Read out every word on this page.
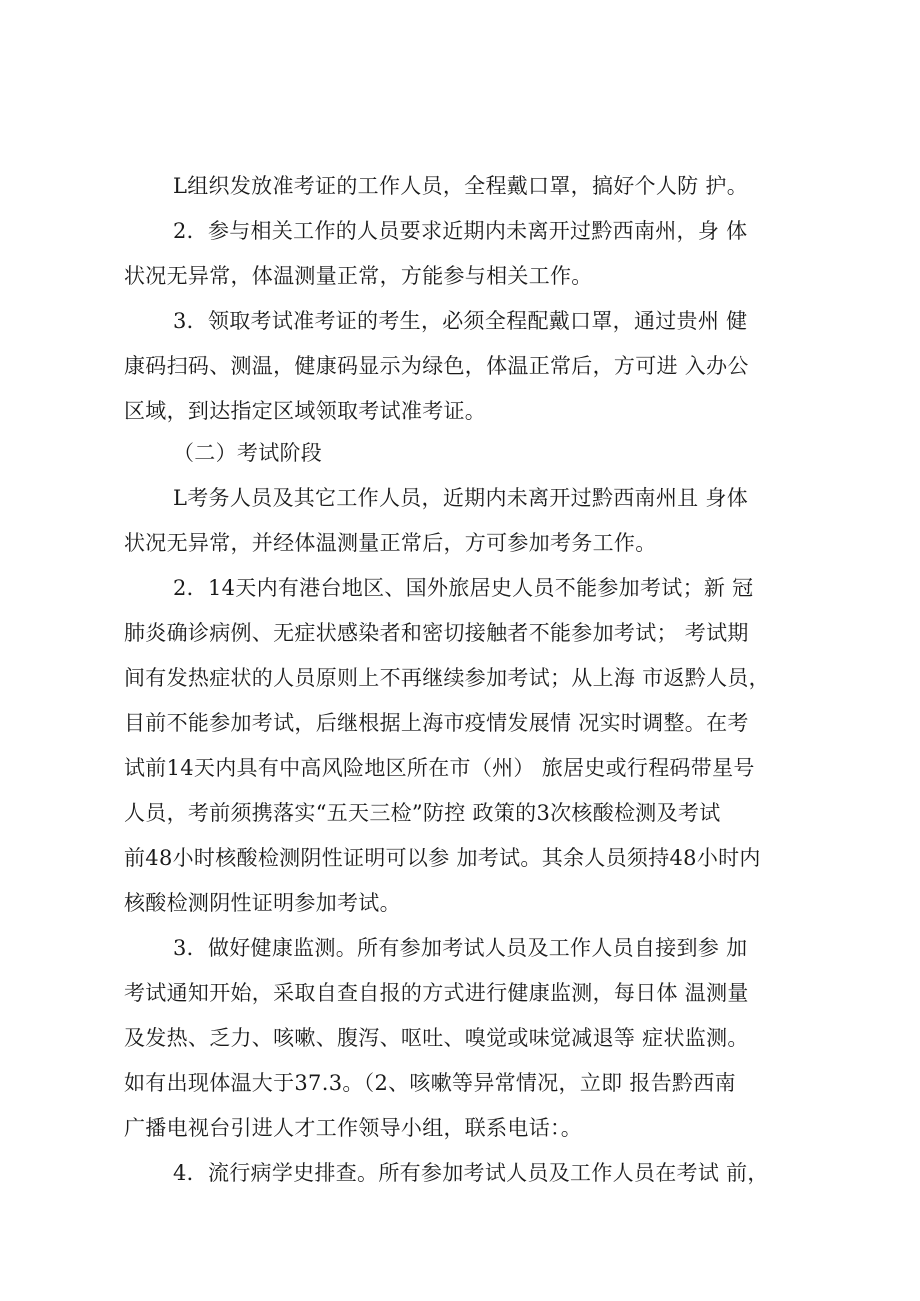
L组织发放准考证的工作人员，全程戴口罩，搞好个人防 护。
2．参与相关工作的人员要求近期内未离开过黔西南州，身 体
状况无异常，体温测量正常，方能参与相关工作。
3．领取考试准考证的考生，必须全程配戴口罩，通过贵州 健
康码扫码、测温，健康码显示为绿色，体温正常后，方可进 入办公
区域，到达指定区域领取考试准考证。
（二）考试阶段
L考务人员及其它工作人员，近期内未离开过黔西南州且 身体
状况无异常，并经体温测量正常后，方可参加考务工作。
2．14天内有港台地区、国外旅居史人员不能参加考试；新 冠
肺炎确诊病例、无症状感染者和密切接触者不能参加考试； 考试期
间有发热症状的人员原则上不再继续参加考试；从上海 市返黔人员，
目前不能参加考试，后继根据上海市疫情发展情 况实时调整。在考
试前14天内具有中高风险地区所在市（州） 旅居史或行程码带星号
人员，考前须携落实“五天三检”防控 政策的3次核酸检测及考试
前48小时核酸检测阴性证明可以参 加考试。其余人员须持48小时内
核酸检测阴性证明参加考试。
3．做好健康监测。所有参加考试人员及工作人员自接到参 加
考试通知开始，采取自查自报的方式进行健康监测，每日体 温测量
及发热、乏力、咳嗽、腹泻、呕吐、嗅觉或味觉减退等 症状监测。
如有出现体温大于37.3。（2、咳嗽等异常情况，立即 报告黔西南
广播电视台引进人才工作领导小组，联系电话：。
4．流行病学史排查。所有参加考试人员及工作人员在考试 前，
